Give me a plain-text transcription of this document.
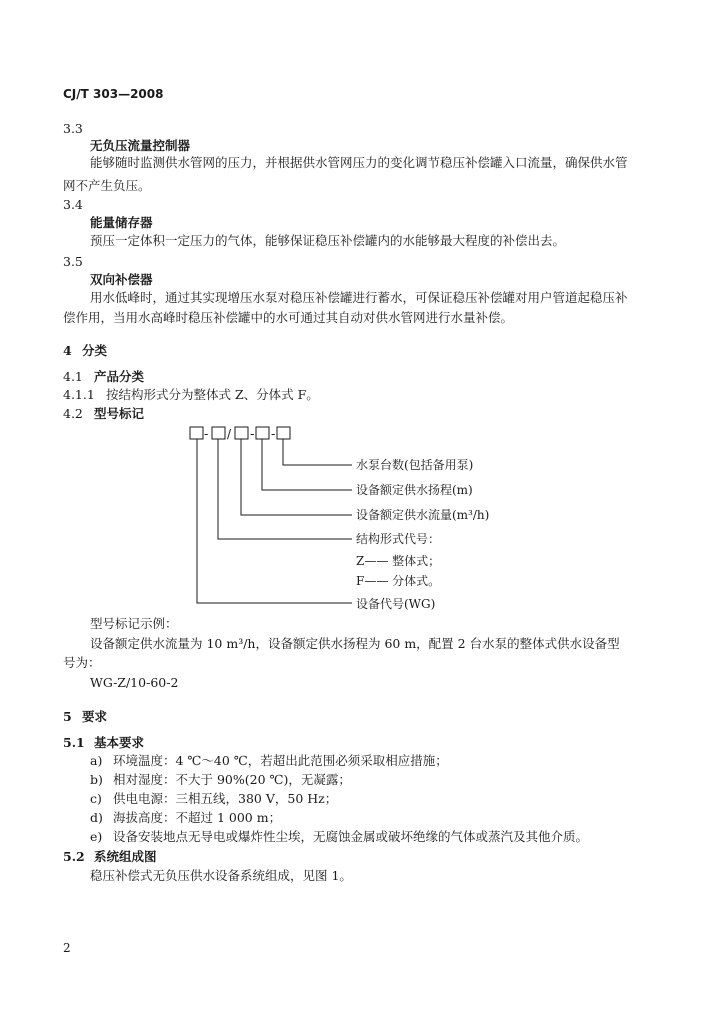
CJ/T 303—2008
3.3
无负压流量控制器
能够随时监测供水管网的压力，并根据供水管网压力的变化调节稳压补偿罐入口流量，确保供水管
网不产生负压。
3.4
能量储存器
预压一定体积一定压力的气体，能够保证稳压补偿罐内的水能够最大程度的补偿出去。
3.5
双向补偿器
用水低峰时，通过其实现增压水泵对稳压补偿罐进行蓄水，可保证稳压补偿罐对用户管道起稳压补
偿作用，当用水高峰时稳压补偿罐中的水可通过其自动对供水管网进行水量补偿。
4 分类
4.1 产品分类
4.1.1 按结构形式分为整体式 Z、分体式 F。
4.2 型号标记
- / - -
水泵台数(包括备用泵)
设备额定供水扬程(m)
设备额定供水流量(m³/h)
结构形式代号：
Z—— 整体式；
F—— 分体式。
设备代号(WG)
型号标记示例：
设备额定供水流量为 10 m³/h，设备额定供水扬程为 60 m，配置 2 台水泵的整体式供水设备型
号为：
WG-Z/10-60-2
5 要求
5.1 基本要求
a) 环境温度：4 ℃～40 ℃，若超出此范围必须采取相应措施；
b) 相对湿度：不大于 90%(20 ℃)，无凝露；
c) 供电电源：三相五线，380 V，50 Hz；
d) 海拔高度：不超过 1 000 m；
e) 设备安装地点无导电或爆炸性尘埃，无腐蚀金属或破坏绝缘的气体或蒸汽及其他介质。
5.2 系统组成图
稳压补偿式无负压供水设备系统组成，见图 1。
2
